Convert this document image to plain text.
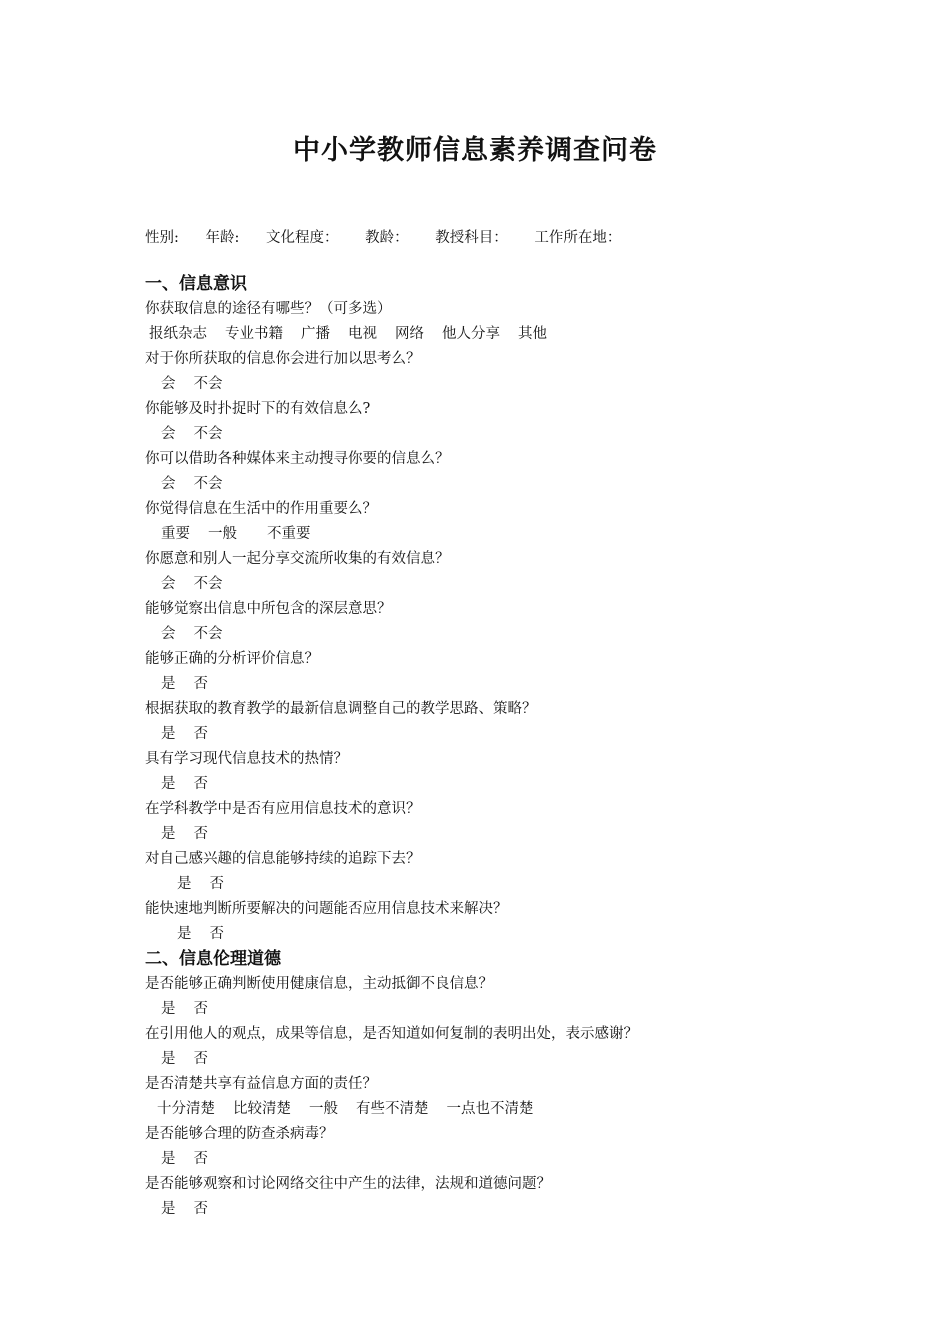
中小学教师信息素养调查问卷
性别: 年龄: 文化程度： 教龄： 教授科目： 工作所在地：
一、信息意识
你获取信息的途径有哪些？（可多选）
报纸杂志 专业书籍 广播 电视 网络 他人分享 其他
对于你所获取的信息你会进行加以思考么？
会 不会
你能够及时扑捉时下的有效信息么?
会 不会
你可以借助各种媒体来主动搜寻你要的信息么？
会 不会
你觉得信息在生活中的作用重要么？
重要 一般 不重要
你愿意和别人一起分享交流所收集的有效信息？
会 不会
能够觉察出信息中所包含的深层意思？
会 不会
能够正确的分析评价信息？
是 否
根据获取的教育教学的最新信息调整自己的教学思路、策略？
是 否
具有学习现代信息技术的热情？
是 否
在学科教学中是否有应用信息技术的意识？
是 否
对自己感兴趣的信息能够持续的追踪下去？
是 否
能快速地判断所要解决的问题能否应用信息技术来解决？
是 否
二、信息伦理道德
是否能够正确判断使用健康信息，主动抵御不良信息？
是 否
在引用他人的观点，成果等信息，是否知道如何复制的表明出处，表示感谢？
是 否
是否清楚共享有益信息方面的责任？
十分清楚 比较清楚 一般 有些不清楚 一点也不清楚
是否能够合理的防查杀病毒？
是 否
是否能够观察和讨论网络交往中产生的法律，法规和道德问题？
是 否
